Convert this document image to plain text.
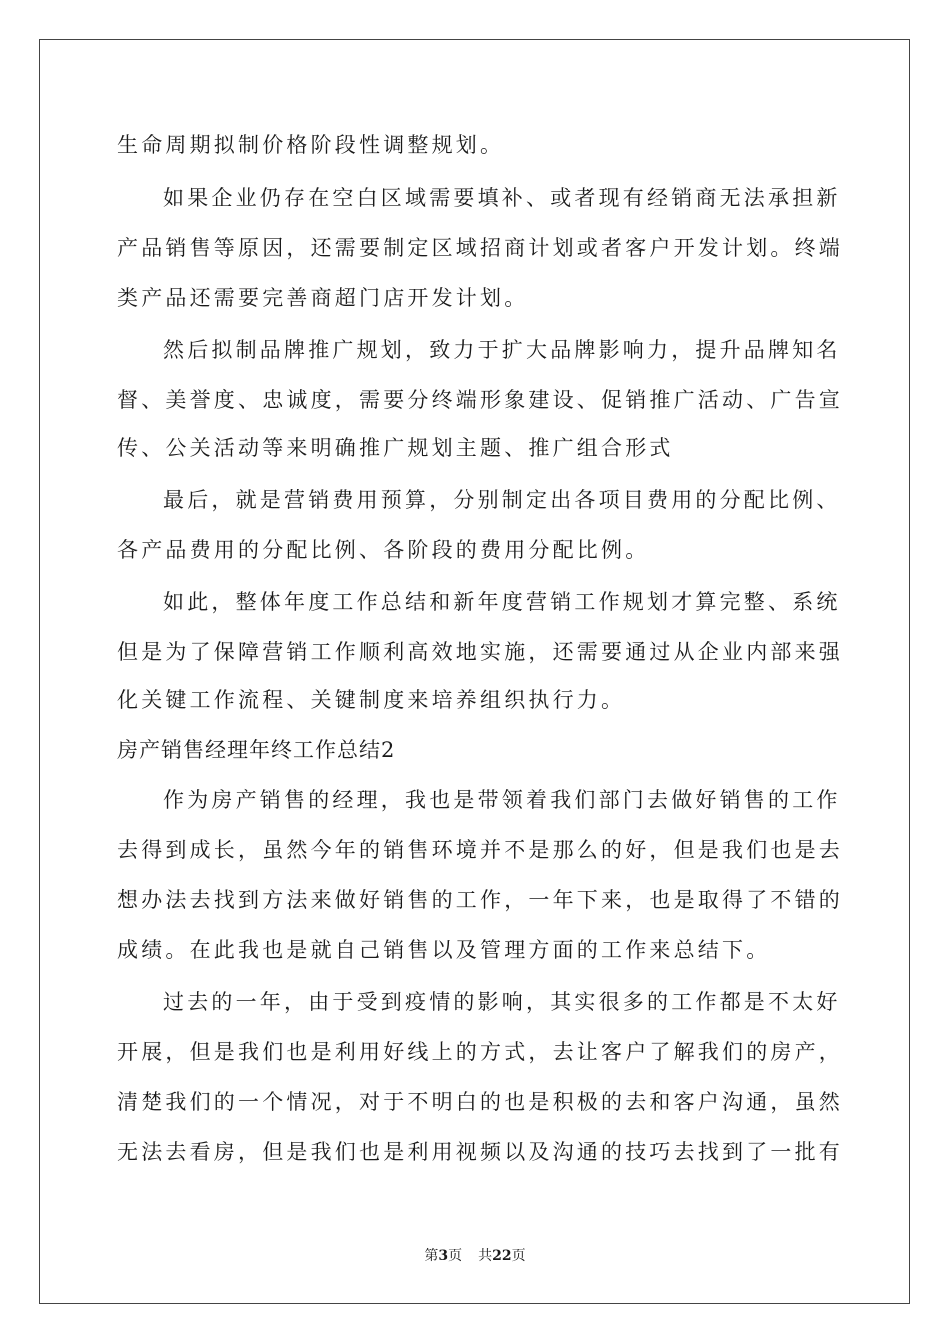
生命周期拟制价格阶段性调整规划。
如果企业仍存在空白区域需要填补、或者现有经销商无法承担新
产品销售等原因，还需要制定区域招商计划或者客户开发计划。终端
类产品还需要完善商超门店开发计划。
然后拟制品牌推广规划，致力于扩大品牌影响力，提升品牌知名
督、美誉度、忠诚度，需要分终端形象建设、促销推广活动、广告宣
传、公关活动等来明确推广规划主题、推广组合形式
最后，就是营销费用预算，分别制定出各项目费用的分配比例、
各产品费用的分配比例、各阶段的费用分配比例。
如此，整体年度工作总结和新年度营销工作规划才算完整、系统
但是为了保障营销工作顺利高效地实施，还需要通过从企业内部来强
化关键工作流程、关键制度来培养组织执行力。
房产销售经理年终工作总结2
作为房产销售的经理，我也是带领着我们部门去做好销售的工作
去得到成长，虽然今年的销售环境并不是那么的好，但是我们也是去
想办法去找到方法来做好销售的工作，一年下来，也是取得了不错的
成绩。在此我也是就自己销售以及管理方面的工作来总结下。
过去的一年，由于受到疫情的影响，其实很多的工作都是不太好
开展，但是我们也是利用好线上的方式，去让客户了解我们的房产，
清楚我们的一个情况，对于不明白的也是积极的去和客户沟通，虽然
无法去看房，但是我们也是利用视频以及沟通的技巧去找到了一批有
第3页 共22页
